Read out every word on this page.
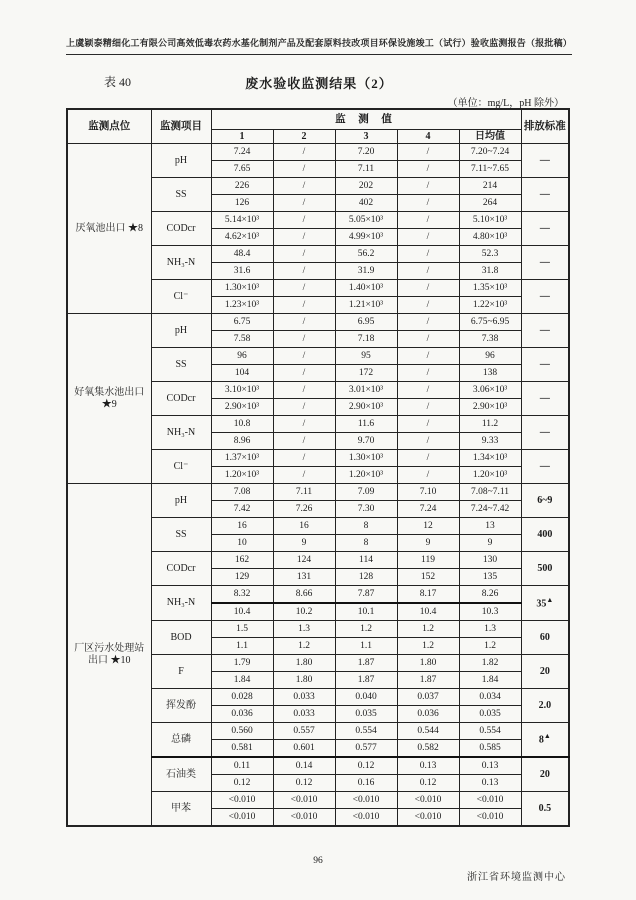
上虞颖泰精细化工有限公司高效低毒农药水基化制剂产品及配套原料技改项目环保设施竣工（试行）验收监测报告（报批稿）
表 40	废水验收监测结果（2）
（单位：mg/L，pH 除外）
监测点位	监测项目	监 测 值					排放标准
		1	2	3	4	日均值	
厌氧池出口 ★8	pH	7.24	/	7.20	/	7.20~7.24	—
		7.65	/	7.11	/	7.11~7.65	
	SS	226	/	202	/	214	—
		126	/	402	/	264	
	CODcr	5.14×10³	/	5.05×10³	/	5.10×10³	—
		4.62×10³	/	4.99×10³	/	4.80×10³	
	NH₃-N	48.4	/	56.2	/	52.3	—
		31.6	/	31.9	/	31.8	
	Cl⁻	1.30×10³	/	1.40×10³	/	1.35×10³	—
		1.23×10³	/	1.21×10³	/	1.22×10³	
好氧集水池出口 ★9	pH	6.75	/	6.95	/	6.75~6.95	—
		7.58	/	7.18	/	7.38	
	SS	96	/	95	/	96	—
		104	/	172	/	138	
	CODcr	3.10×10³	/	3.01×10³	/	3.06×10³	—
		2.90×10³	/	2.90×10³	/	2.90×10³	
	NH₃-N	10.8	/	11.6	/	11.2	—
		8.96	/	9.70	/	9.33	
	Cl⁻	1.37×10³	/	1.30×10³	/	1.34×10³	—
		1.20×10³	/	1.20×10³	/	1.20×10³	
厂区污水处理站出口 ★10	pH	7.08	7.11	7.09	7.10	7.08~7.11	6~9
		7.42	7.26	7.30	7.24	7.24~7.42	
	SS	16	16	8	12	13	400
		10	9	8	9	9	
	CODcr	162	124	114	119	130	500
		129	131	128	152	135	
	NH₃-N	8.32	8.66	7.87	8.17	8.26	35▲
		10.4	10.2	10.1	10.4	10.3	
	BOD	1.5	1.3	1.2	1.2	1.3	60
		1.1	1.2	1.1	1.2	1.2	
	F	1.79	1.80	1.87	1.80	1.82	20
		1.84	1.80	1.87	1.87	1.84	
	挥发酚	0.028	0.033	0.040	0.037	0.034	2.0
		0.036	0.033	0.035	0.036	0.035	
	总磷	0.560	0.557	0.554	0.544	0.554	8▲
		0.581	0.601	0.577	0.582	0.585	
	石油类	0.11	0.14	0.12	0.13	0.13	20
		0.12	0.12	0.16	0.12	0.13	
	甲苯	<0.010	<0.010	<0.010	<0.010	<0.010	0.5
		<0.010	<0.010	<0.010	<0.010	<0.010	
96
浙江省环境监测中心
